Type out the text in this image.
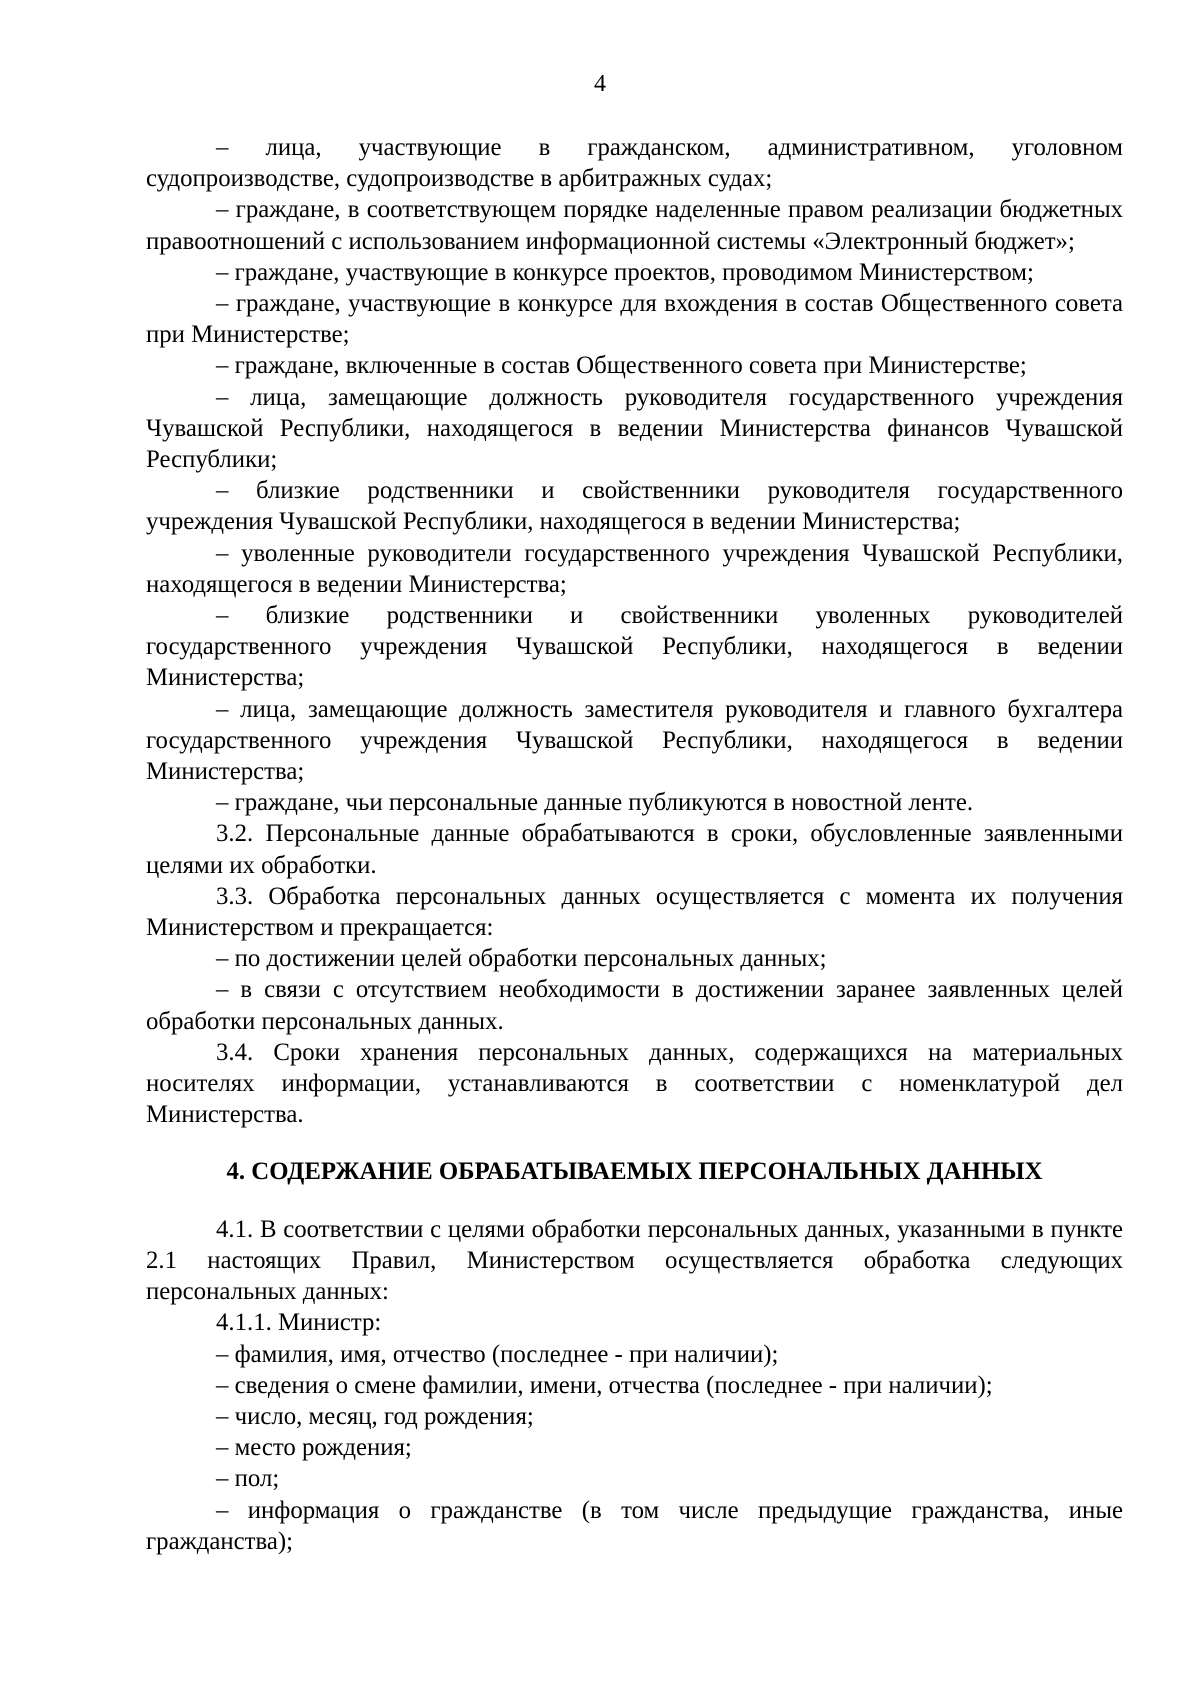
4

– лица, участвующие в гражданском, административном, уголовном судопроизводстве, судопроизводстве в арбитражных судах;

– граждане, в соответствующем порядке наделенные правом реализации бюджетных правоотношений с использованием информационной системы «Электронный бюджет»;

– граждане, участвующие в конкурсе проектов, проводимом Министерством;

– граждане, участвующие в конкурсе для вхождения в состав Общественного совета при Министерстве;

– граждане, включенные в состав Общественного совета при Министерстве;

– лица, замещающие должность руководителя государственного учреждения Чувашской Республики, находящегося в ведении Министерства финансов Чувашской Республики;

– близкие родственники и свойственники руководителя государственного учреждения Чувашской Республики, находящегося в ведении Министерства;

– уволенные руководители государственного учреждения Чувашской Республики, находящегося в ведении Министерства;

– близкие родственники и свойственники уволенных руководителей государственного учреждения Чувашской Республики, находящегося в ведении Министерства;

– лица, замещающие должность заместителя руководителя и главного бухгалтера государственного учреждения Чувашской Республики, находящегося в ведении Министерства;

– граждане, чьи персональные данные публикуются в новостной ленте.

3.2. Персональные данные обрабатываются в сроки, обусловленные заявленными целями их обработки.

3.3. Обработка персональных данных осуществляется с момента их получения Министерством и прекращается:

– по достижении целей обработки персональных данных;

– в связи с отсутствием необходимости в достижении заранее заявленных целей обработки персональных данных.

3.4. Сроки хранения персональных данных, содержащихся на материальных носителях информации, устанавливаются в соответствии с номенклатурой дел Министерства.

4. СОДЕРЖАНИЕ ОБРАБАТЫВАЕМЫХ ПЕРСОНАЛЬНЫХ ДАННЫХ

4.1. В соответствии с целями обработки персональных данных, указанными в пункте 2.1 настоящих Правил, Министерством осуществляется обработка следующих персональных данных:

4.1.1. Министр:

– фамилия, имя, отчество (последнее - при наличии);

– сведения о смене фамилии, имени, отчества (последнее - при наличии);

– число, месяц, год рождения;

– место рождения;

– пол;

– информация о гражданстве (в том числе предыдущие гражданства, иные гражданства);
